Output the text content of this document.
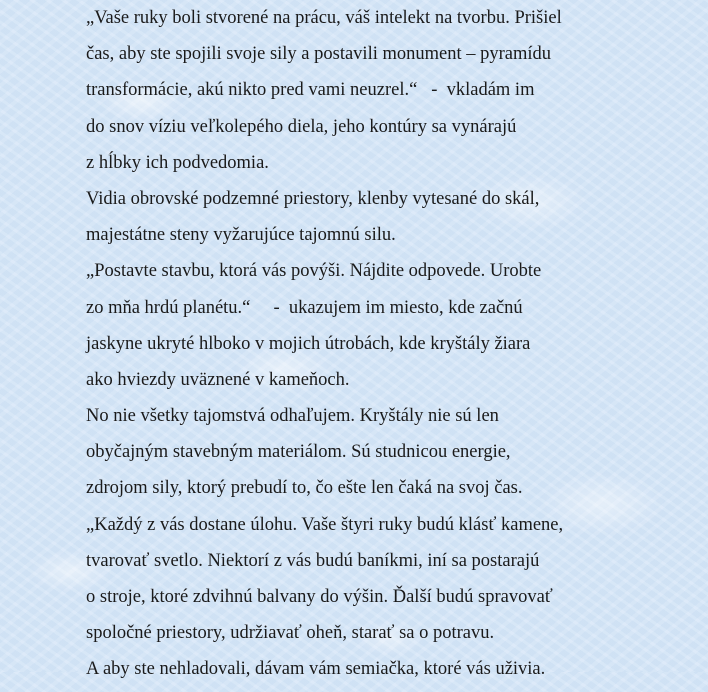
„Vaše ruky boli stvorené na prácu, váš intelekt na tvorbu. Prišiel
čas, aby ste spojili svoje sily a postavili monument – pyramídu
transformácie, akú nikto pred vami neuzrel.“   -  vkladám im
do snov víziu veľkolepého diela, jeho kontúry sa vynárajú
z hĺbky ich podvedomia.
Vidia obrovské podzemné priestory, klenby vytesané do skál,
majestátne steny vyžarujúce tajomnú silu.
„Postavte stavbu, ktorá vás povýši. Nájdite odpovede. Urobte
zo mňa hrdú planétu.“     -  ukazujem im miesto, kde začnú
jaskyne ukryté hlboko v mojich útrobách, kde kryštály žiara
ako hviezdy uväznené v kameňoch.
No nie všetky tajomstvá odhaľujem. Kryštály nie sú len
obyčajným stavebným materiálom. Sú studnicou energie,
zdrojom sily, ktorý prebudí to, čo ešte len čaká na svoj čas.
„Každý z vás dostane úlohu. Vaše štyri ruky budú klásť kamene,
tvarovať svetlo. Niektorí z vás budú baníkmi, iní sa postarajú
o stroje, ktoré zdvihnú balvany do výšin. Ďalší budú spravovať
spoločné priestory, udržiavať oheň, starať sa o potravu.
A aby ste nehladovali, dávam vám semiačka, ktoré vás uživia.
